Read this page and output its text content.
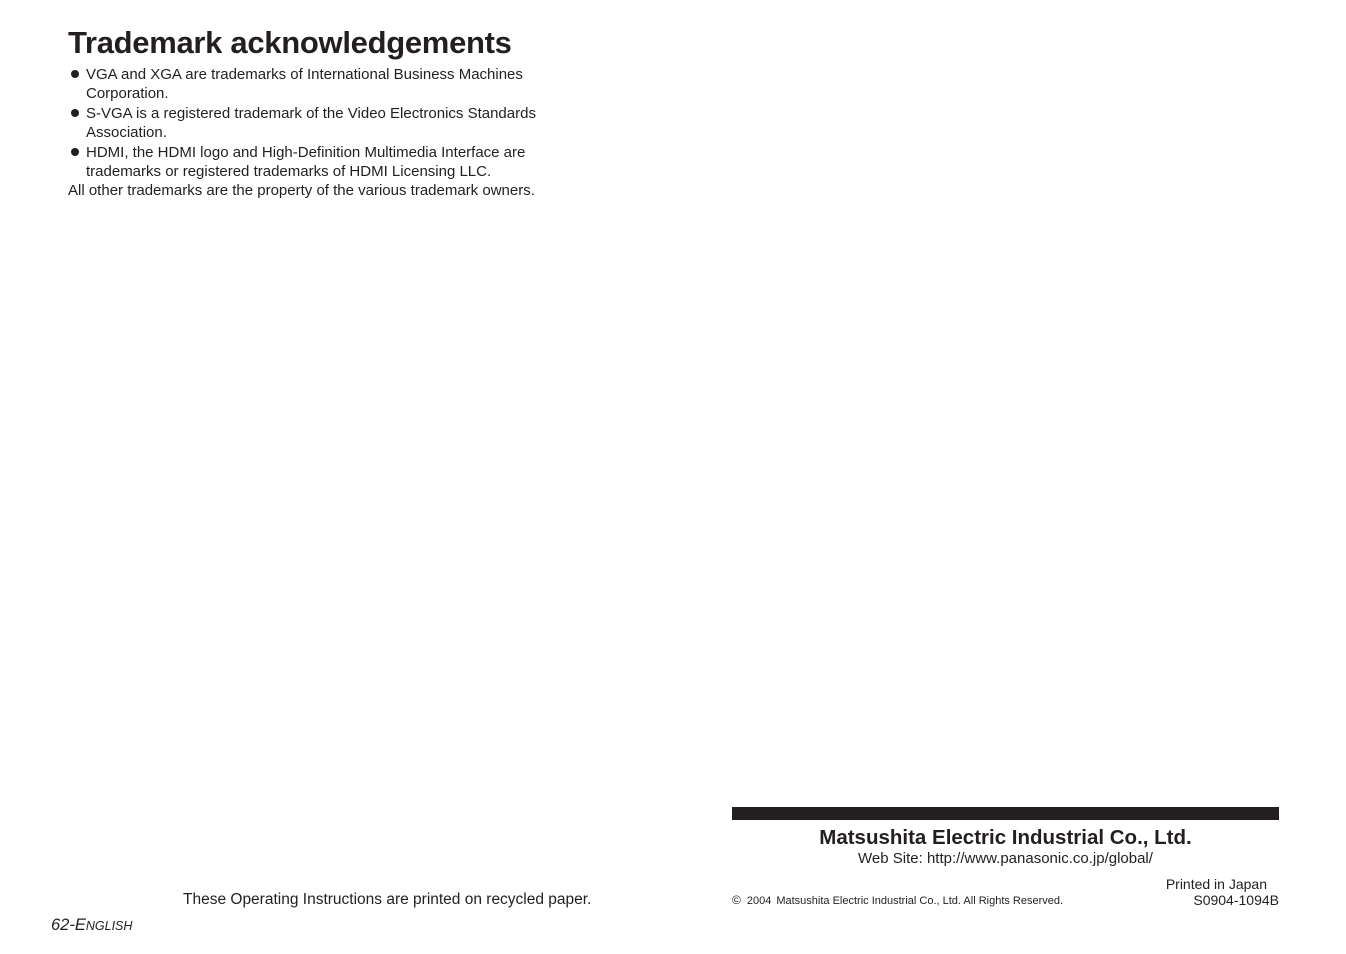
Trademark acknowledgements
VGA and XGA are trademarks of International Business Machines Corporation.
S-VGA is a registered trademark of the Video Electronics Standards Association.
HDMI, the HDMI logo and High-Definition Multimedia Interface are trademarks or registered trademarks of HDMI Licensing LLC.
All other trademarks are the property of the various trademark owners.
These Operating Instructions are printed on recycled paper.
62-ENGLISH
Matsushita Electric Industrial Co., Ltd.
Web Site: http://www.panasonic.co.jp/global/
© 2004 Matsushita Electric Industrial Co., Ltd. All Rights Reserved.
Printed in Japan
S0904-1094B
